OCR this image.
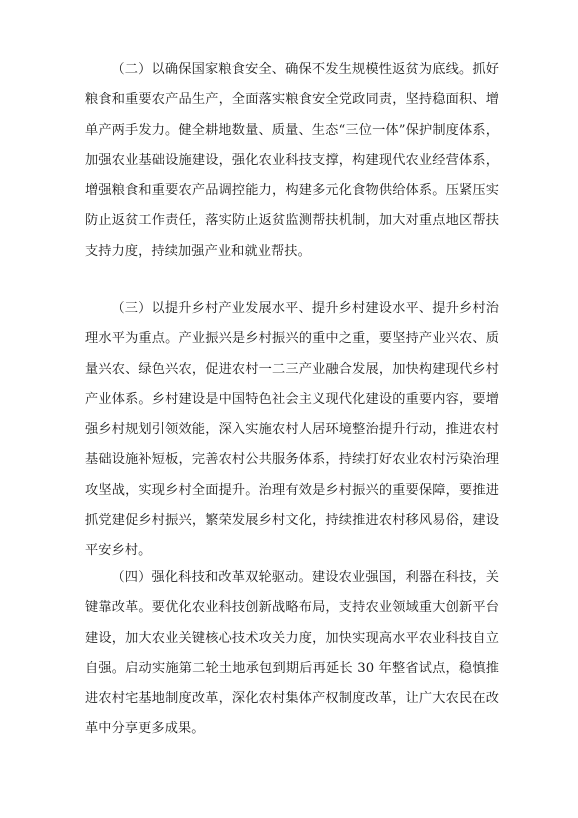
（二）以确保国家粮食安全、确保不发生规模性返贫为底线。抓好粮食和重要农产品生产，全面落实粮食安全党政同责，坚持稳面积、增单产两手发力。健全耕地数量、质量、生态“三位一体”保护制度体系，加强农业基础设施建设，强化农业科技支撑，构建现代农业经营体系，增强粮食和重要农产品调控能力，构建多元化食物供给体系。压紧压实防止返贫工作责任，落实防止返贫监测帮扶机制，加大对重点地区帮扶支持力度，持续加强产业和就业帮扶。

（三）以提升乡村产业发展水平、提升乡村建设水平、提升乡村治理水平为重点。产业振兴是乡村振兴的重中之重，要坚持产业兴农、质量兴农、绿色兴农，促进农村一二三产业融合发展，加快构建现代乡村产业体系。乡村建设是中国特色社会主义现代化建设的重要内容，要增强乡村规划引领效能，深入实施农村人居环境整治提升行动，推进农村基础设施补短板，完善农村公共服务体系，持续打好农业农村污染治理攻坚战，实现乡村全面提升。治理有效是乡村振兴的重要保障，要推进抓党建促乡村振兴，繁荣发展乡村文化，持续推进农村移风易俗，建设平安乡村。

（四）强化科技和改革双轮驱动。建设农业强国，利器在科技，关键靠改革。要优化农业科技创新战略布局，支持农业领域重大创新平台建设，加大农业关键核心技术攻关力度，加快实现高水平农业科技自立自强。启动实施第二轮土地承包到期后再延长 30 年整省试点，稳慎推进农村宅基地制度改革，深化农村集体产权制度改革，让广大农民在改革中分享更多成果。
